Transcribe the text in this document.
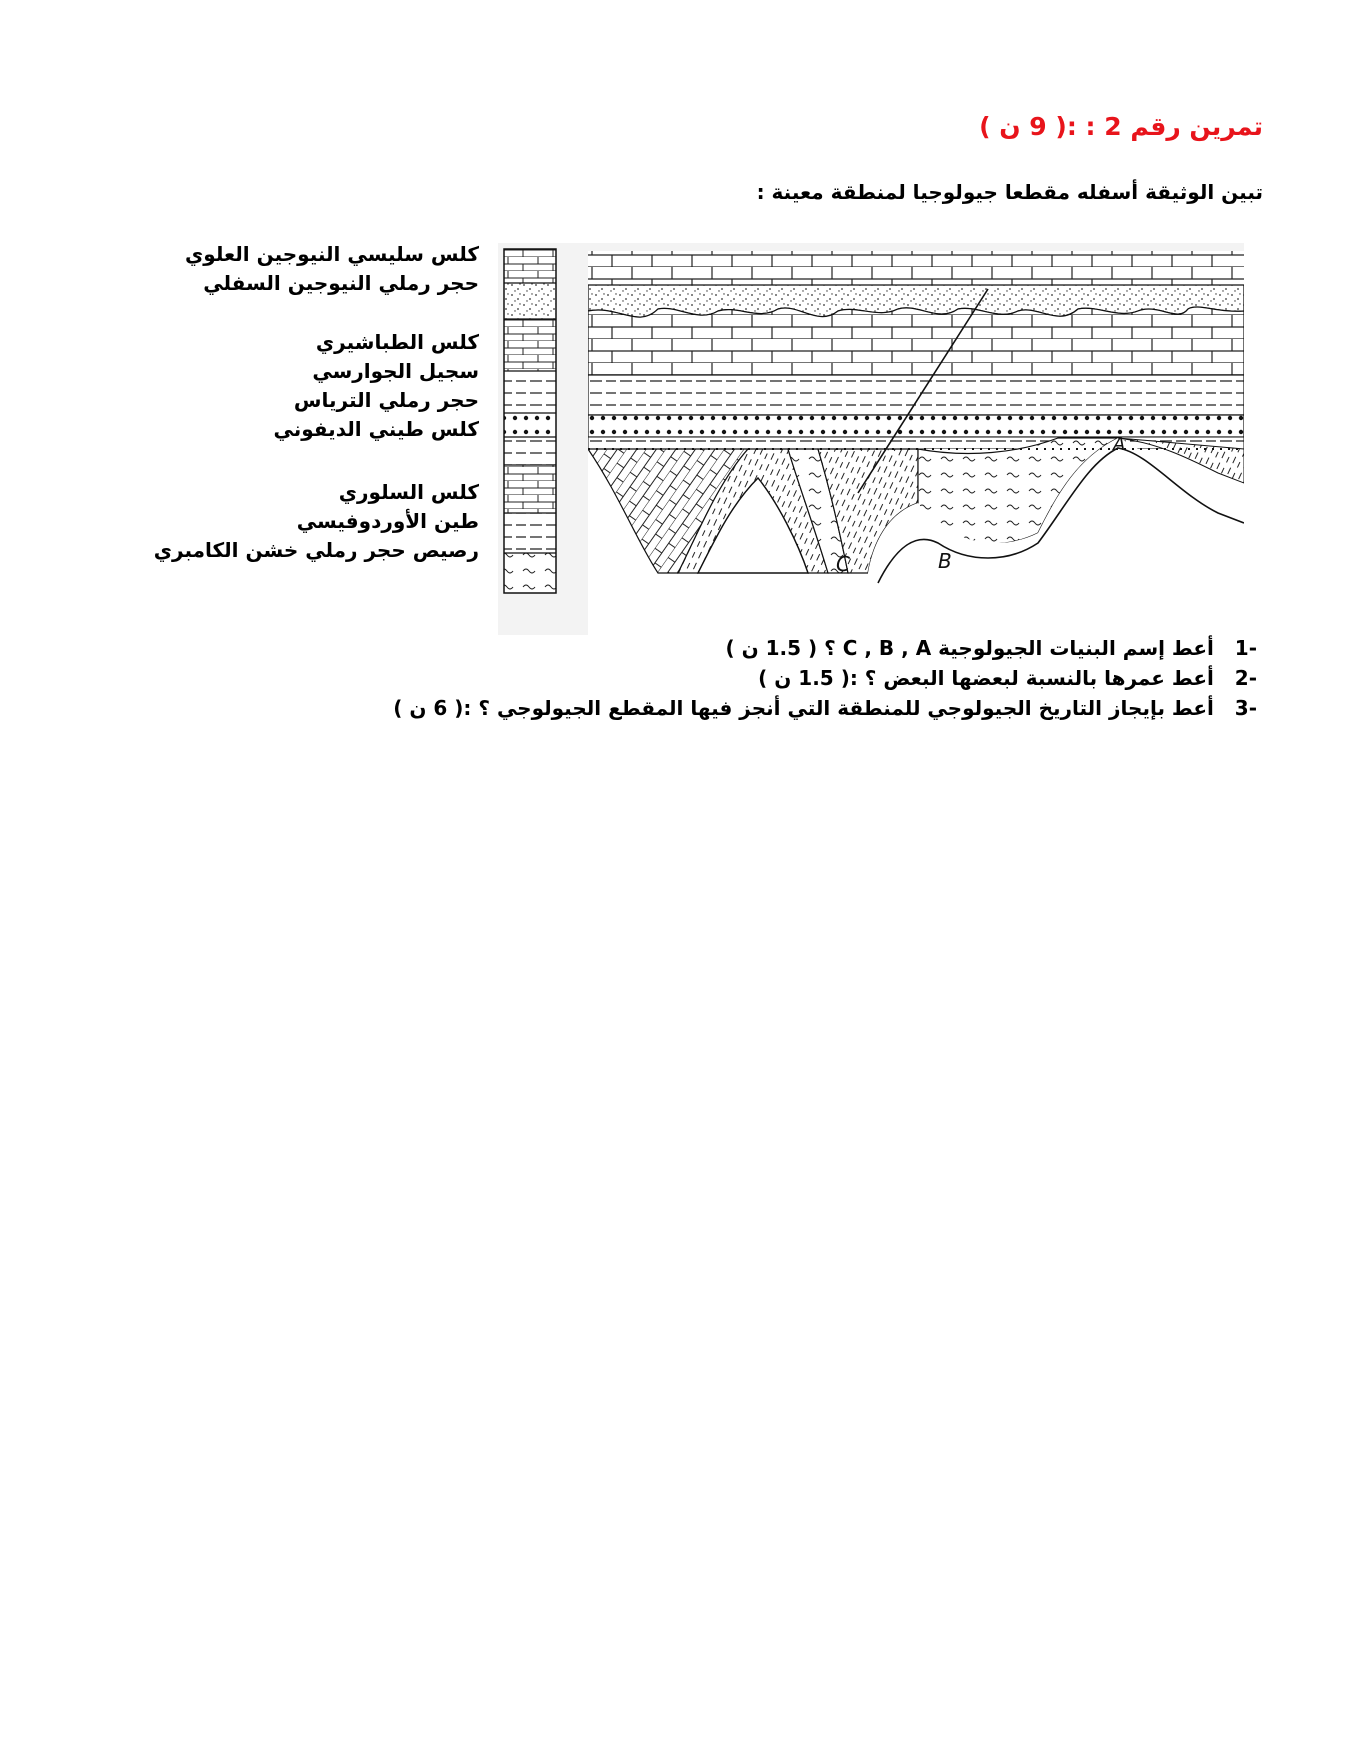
تمرين رقم 2 : :( 9 ن )
تبين الوثيقة أسفله مقطعا جيولوجيا لمنطقة معينة :
كلس سليسي النيوجين العلوي
حجر رملي النيوجين السفلي
كلس الطباشيري
سجيل الجوارسي
حجر رملي الترياس
كلس طيني الديفوني
كلس السلوري
طين الأوردوفيسي
رصيص حجر رملي خشن الكامبري
A
B
C
-1   أعط إسم البنيات الجيولوجية C , B , A ؟ ( 1.5 ن )
-2   أعط عمرها بالنسبة لبعضها البعض ؟ :( 1.5 ن )
-3   أعط بإيجاز التاريخ الجيولوجي للمنطقة التي أنجز فيها المقطع الجيولوجي ؟ :( 6 ن )
